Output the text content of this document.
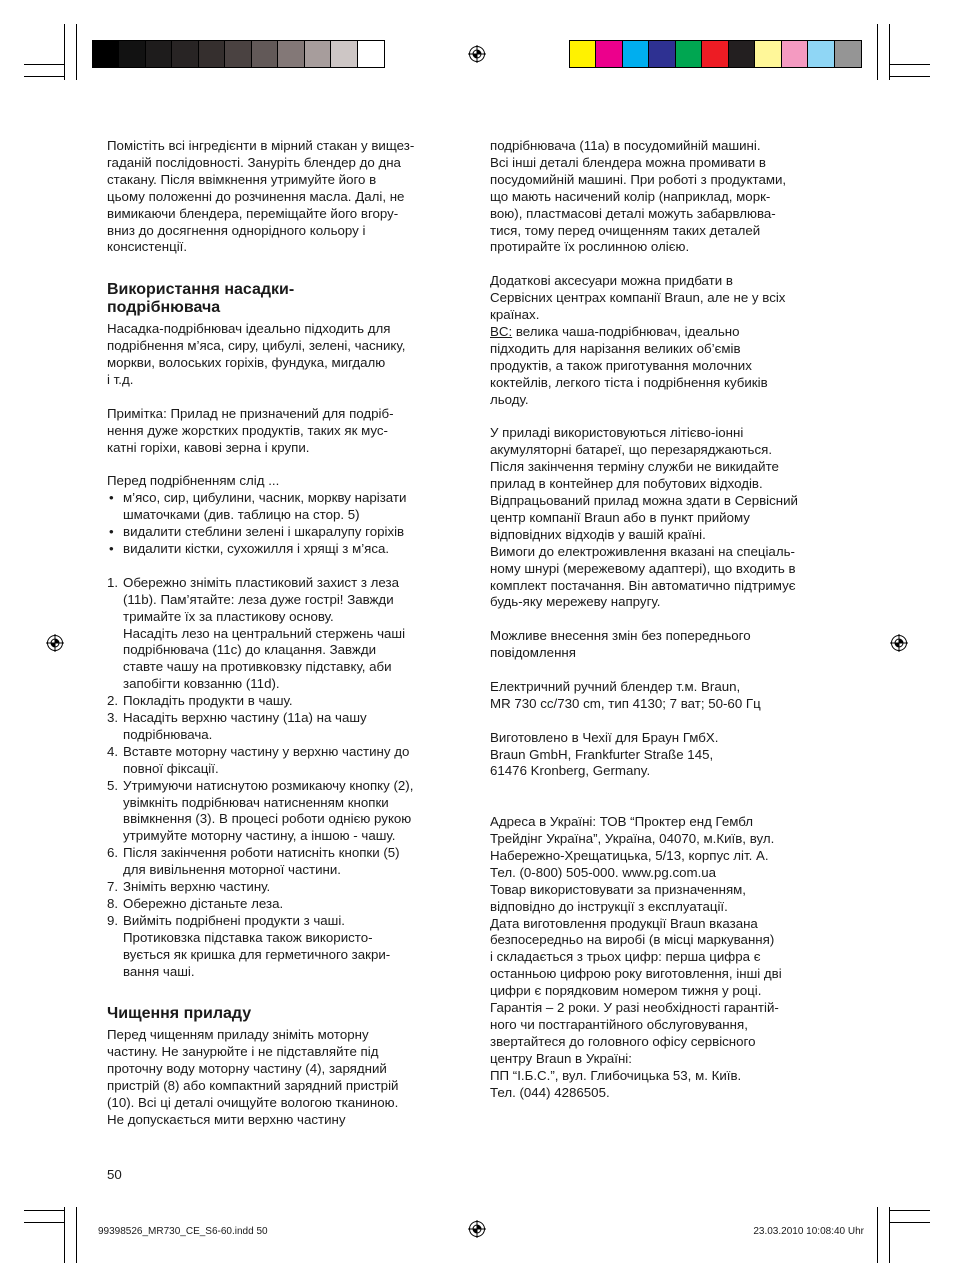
Помістіть всі інгредієнти в мірний стакан у вищез-
гаданій послідовності. Зануріть блендер до дна
стакану. Після ввімкнення утримуйте його в
цьому положенні до розчинення масла. Далі, не
вимикаючи блендера, переміщайте його вгору-
вниз до досягнення однорідного кольору і
консистенції.

Використання насадки-
подрібнювача

Насадка-подрібнювач ідеально підходить для
подрібнення м’яса, сиру, цибулі, зелені, часнику,
моркви, волоських горіхів, фундука, мигдалю
і т.д.

Примітка: Прилад не призначений для подріб-
нення дуже жорстких продуктів, таких як мус-
катні горіхи, кавові зерна і крупи.

Перед подрібненням слід ...

• м’ясо, сир, цибулини, часник, моркву нарізати
шматочками (див. таблицю на стор. 5)
• видалити стеблини зелені і шкаралупу горіхів
• видалити кістки, сухожилля і хрящі з м’яса.
1. Обережно зніміть пластиковий захист з леза
(11b). Пам’ятайте: леза дуже гострі! Завжди
тримайте їх за пластикову основу.
Насадіть лезо на центральний стержень чаші
подрібнювача (11c) до клацання. Завжди
ставте чашу на противковзку підставку, аби
запобігти ковзанню (11d).
2. Покладіть продукти в чашу.
3. Насадіть верхню частину (11a) на чашу
подрібнювача.
4. Вставте моторну частину у верхню частину до
повної фіксації.
5. Утримуючи натиснутою розмикаючу кнопку (2),
увімкніть подрібнювач натисненням кнопки
ввімкнення (3). В процесі роботи однією рукою
утримуйте моторну частину, а іншою - чашу.
6. Після закінчення роботи натисніть кнопки (5)
для вивільнення моторної частини.
7. Зніміть верхню частину.
8. Обережно дістаньте леза.
9. Вийміть подрібнені продукти з чаші.
Протиковзка підставка також використо-
вується як кришка для герметичного закри-
вання чаші.
Чищення приладу

Перед чищенням приладу зніміть моторну
частину. Не занурюйте і не підставляйте під
проточну воду моторну частину (4), зарядний
пристрій (8) або компактний зарядний пристрій
(10). Всі ці деталі очищуйте вологою тканиною.
Не допускається мити верхню частину

подрібнювача (11a) в посудомийній машині.
Всі інші деталі блендера можна промивати в
посудомийній машині. При роботі з продуктами,
що мають насичений колір (наприклад, морк-
вою), пластмасові деталі можуть забарвлюва-
тися, тому перед очищенням таких деталей
протирайте їх рослинною олією.

Додаткові аксесуари можна придбати в
Сервісних центрах компанії Braun, але не у всіх
країнах.

BC: велика чаша-подрібнювач, ідеально
підходить для нарізання великих об’ємів
продуктів, а також приготування молочних
коктейлів, легкого тіста і подрібнення кубиків
льоду.

У приладі використовуються літієво-іонні
акумуляторні батареї, що перезаряджаються.
Після закінчення терміну служби не викидайте
прилад в контейнер для побутових відходів.
Відпрацьований прилад можна здати в Сервісний
центр компанії Braun або в пункт прийому
відповідних відходів у вашій країні.
Вимоги до електроживлення вказані на спеціаль-
ному шнурі (мережевому адаптері), що входить в
комплект постачання. Він автоматично підтримує
будь-яку мережеву напругу.

Можливе внесення змін без попереднього
повідомлення

Електричний ручний блендер т.м. Braun,
MR 730 cc/730 cm, тип 4130; 7 ват; 50-60 Гц

Виготовлено в Чехії для Браун ГмбХ.
Braun GmbH, Frankfurter Straße 145,
61476 Kronberg, Germany.

Адреса в Україні: ТОВ “Проктер енд Гембл
Трейдінг Україна”, Україна, 04070, м.Київ, вул.
Набережно-Хрещатицька, 5/13, корпус літ. А.
Тел. (0-800) 505-000. www.pg.com.ua
Товар використовувати за призначенням,
відповідно до інструкції з експлуатації.
Дата виготовлення продукції Braun вказана
безпосередньо на виробі (в місці маркування)
і складається з трьох цифр: перша цифра є
останньою цифрою року виготовлення, інші дві
цифри є порядковим номером тижня у році.
Гарантія – 2 роки. У разі необхідності гарантій-
ного чи постгарантійного обслуговування,
звертайтеся до головного офісу сервісного
центру Braun в Україні:
ПП “І.Б.С.”, вул. Глибочицька 53, м. Київ.
Тел. (044) 4286505.

50
99398526_MR730_CE_S6-60.indd 50	23.03.2010 10:08:40 Uhr
